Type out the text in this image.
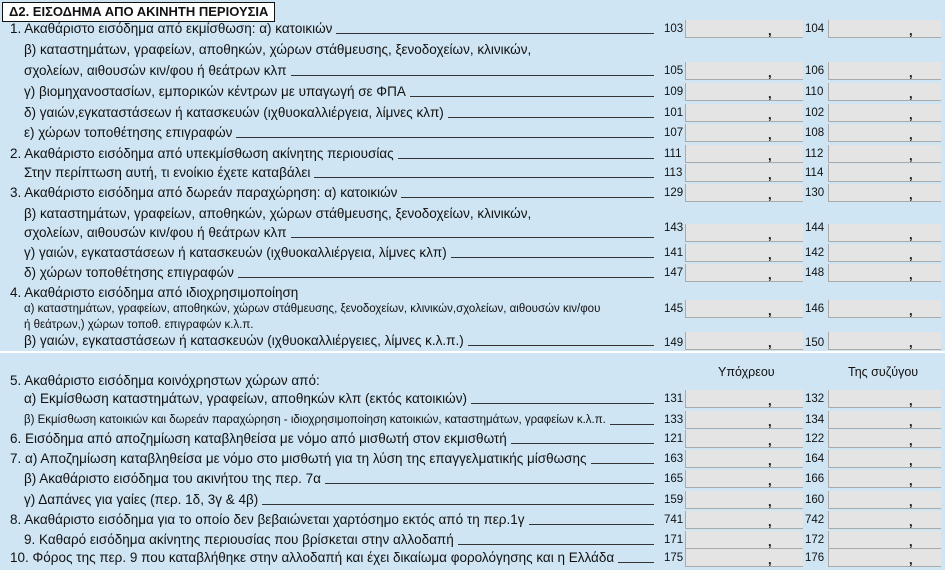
Δ2. ΕΙΣΟΔΗΜΑ ΑΠΟ ΑΚΙΝΗΤΗ ΠΕΡΙΟΥΣΙΑ
Υπόχρεου	Της συζύγου
1. Ακαθάριστο εισόδημα από εκμίσθωση: α) κατοικιών	103	,	104	,
β) καταστημάτων, γραφείων, αποθηκών, χώρων στάθμευσης, ξενοδοχείων, κλινικών,
σχολείων, αιθουσών κιν/φου ή θεάτρων κλπ	105	,	106	,
γ) βιομηχανοστασίων, εμπορικών κέντρων με υπαγωγή σε ΦΠΑ	109	,	110	,
δ) γαιών,εγκαταστάσεων ή κατασκευών (ιχθυοκαλλιέργεια, λίμνες κλπ)	101	,	102	,
ε) χώρων τοποθέτησης επιγραφών	107	,	108	,
2. Ακαθάριστο εισόδημα από υπεκμίσθωση ακίνητης περιουσίας	111	,	112	,
Στην περίπτωση αυτή, τι ενοίκιο έχετε καταβάλει	113	,	114	,
3. Ακαθάριστο εισόδημα από δωρεάν παραχώρηση: α) κατοικιών	129	,	130	,
β) καταστημάτων, γραφείων, αποθηκών, χώρων στάθμευσης, ξενοδοχείων, κλινικών,
σχολείων, αιθουσών κιν/φου ή θεάτρων κλπ	143	,	144	,
γ) γαιών, εγκαταστάσεων ή κατασκευών (ιχθυοκαλλιέργεια, λίμνες κλπ)	141	,	142	,
δ) χώρων τοποθέτησης επιγραφών	147	,	148	,
4. Ακαθάριστο εισόδημα από ιδιοχρησιμοποίηση
α) καταστημάτων, γραφείων, αποθηκών, χώρων στάθμευσης, ξενοδοχείων, κλινικών,σχολείων, αιθουσών κιν/φου	145	,	146	,
ή θεάτρων,) χώρων τοποθ. επιγραφών κ.λ.π.
β) γαιών, εγκαταστάσεων ή κατασκευών (ιχθυοκαλλιέργειες, λίμνες κ.λ.π.)	149	,	150	,
5. Ακαθάριστο εισόδημα κοινόχρηστων χώρων από:
α) Εκμίσθωση καταστημάτων, γραφείων, αποθηκών κλπ (εκτός κατοικιών)	131	,	132	,
β) Εκμίσθωση κατοικιών και δωρεάν παραχώρηση - ιδιοχρησιμοποίηση κατοικιών, καταστημάτων, γραφείων κ.λ.π.	133	,	134	,
6. Εισόδημα από αποζημίωση καταβληθείσα με νόμο από μισθωτή στον εκμισθωτή	121	,	122	,
7. α) Αποζημίωση καταβληθείσα με νόμο στο μισθωτή για τη λύση της επαγγελματικής μίσθωσης	163	,	164	,
β) Ακαθάριστο εισόδημα του ακινήτου της περ. 7α	165	,	166	,
γ) Δαπάνες για γαίες (περ. 1δ, 3γ & 4β)	159	,	160	,
8. Ακαθάριστο εισόδημα για το οποίο δεν βεβαιώνεται χαρτόσημο εκτός από τη περ.1γ	741	,	742	,
9. Καθαρό εισόδημα ακίνητης περιουσίας που βρίσκεται στην αλλοδαπή	171	,	172	,
10. Φόρος της περ. 9 που καταβλήθηκε στην αλλοδαπή και έχει δικαίωμα φορολόγησης και η Ελλάδα	175	,	176	,
